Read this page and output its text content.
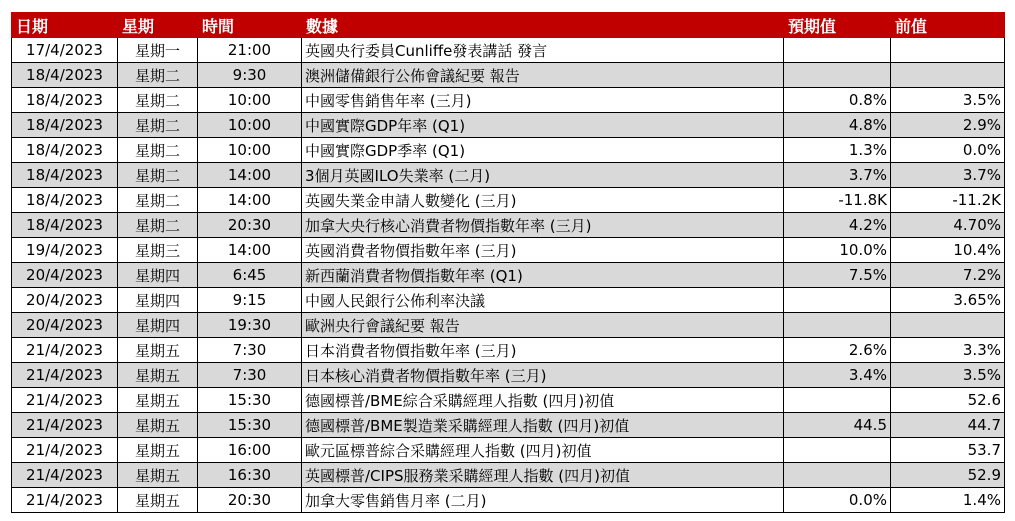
日期	星期	時間	數據	預期值	前值
17/4/2023	星期一	21:00	英國央行委員Cunliffe發表講話 發言		
18/4/2023	星期二	9:30	澳洲儲備銀行公佈會議紀要 報告		
18/4/2023	星期二	10:00	中國零售銷售年率 (三月)	0.8%	3.5%
18/4/2023	星期二	10:00	中國實際GDP年率 (Q1)	4.8%	2.9%
18/4/2023	星期二	10:00	中國實際GDP季率 (Q1)	1.3%	0.0%
18/4/2023	星期二	14:00	3個月英國ILO失業率 (二月)	3.7%	3.7%
18/4/2023	星期二	14:00	英國失業金申請人數變化 (三月)	-11.8K	-11.2K
18/4/2023	星期二	20:30	加拿大央行核心消費者物價指數年率 (三月)	4.2%	4.70%
19/4/2023	星期三	14:00	英國消費者物價指數年率 (三月)	10.0%	10.4%
20/4/2023	星期四	6:45	新西蘭消費者物價指數年率 (Q1)	7.5%	7.2%
20/4/2023	星期四	9:15	中國人民銀行公佈利率決議		3.65%
20/4/2023	星期四	19:30	歐洲央行會議紀要 報告		
21/4/2023	星期五	7:30	日本消費者物價指數年率 (三月)	2.6%	3.3%
21/4/2023	星期五	7:30	日本核心消費者物價指數年率 (三月)	3.4%	3.5%
21/4/2023	星期五	15:30	德國標普/BME綜合采購經理人指數 (四月)初值		52.6
21/4/2023	星期五	15:30	德國標普/BME製造業采購經理人指數 (四月)初值	44.5	44.7
21/4/2023	星期五	16:00	歐元區標普綜合采購經理人指數 (四月)初值		53.7
21/4/2023	星期五	16:30	英國標普/CIPS服務業采購經理人指數 (四月)初值		52.9
21/4/2023	星期五	20:30	加拿大零售銷售月率 (二月)	0.0%	1.4%
